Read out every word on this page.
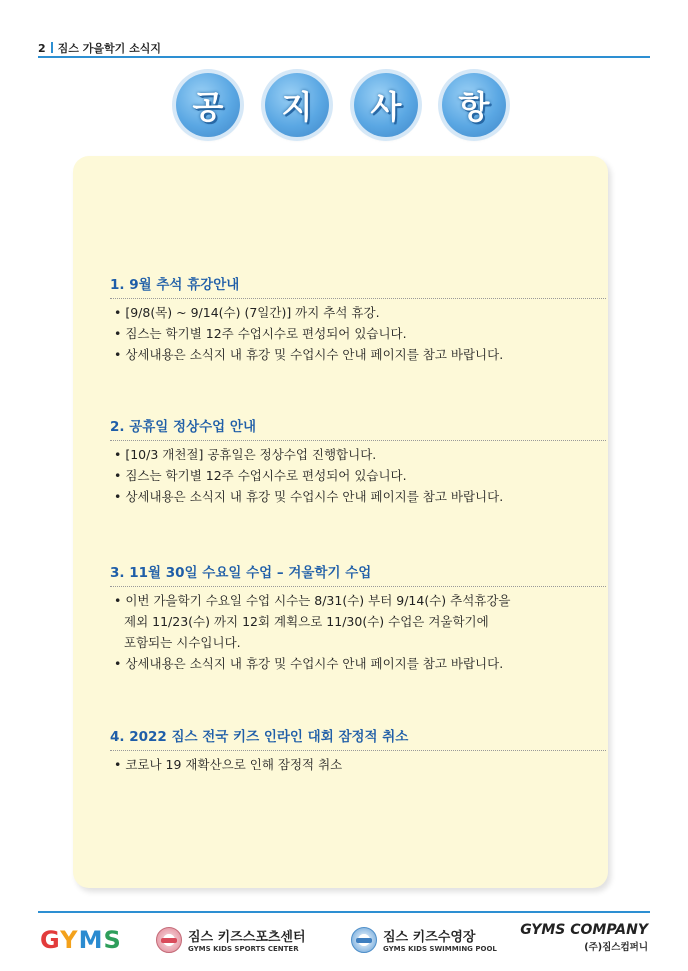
2 짐스 가을학기 소식지
공 지 사 항
1. 9월 추석 휴강안내
• [9/8(목) ~ 9/14(수) (7일간)] 까지 추석 휴강.
• 짐스는 학기별 12주 수업시수로 편성되어 있습니다.
• 상세내용은 소식지 내 휴강 및 수업시수 안내 페이지를 참고 바랍니다.
2. 공휴일 정상수업 안내
• [10/3 개천절] 공휴일은 정상수업 진행합니다.
• 짐스는 학기별 12주 수업시수로 편성되어 있습니다.
• 상세내용은 소식지 내 휴강 및 수업시수 안내 페이지를 참고 바랍니다.
3. 11월 30일 수요일 수업 – 겨울학기 수업
• 이번 가을학기 수요일 수업 시수는 8/31(수) 부터 9/14(수) 추석휴강을
제외 11/23(수) 까지 12회 계획으로 11/30(수) 수업은 겨울학기에
포함되는 시수입니다.
• 상세내용은 소식지 내 휴강 및 수업시수 안내 페이지를 참고 바랍니다.
4. 2022 짐스 전국 키즈 인라인 대회 잠정적 취소
• 코로나 19 재확산으로 인해 잠정적 취소
GYMS	짐스 키즈스포츠센터
GYMS KIDS SPORTS CENTER
짐스 키즈수영장
GYMS KIDS SWIMMING POOL
GYMS COMPANY
(주)짐스컴퍼니
